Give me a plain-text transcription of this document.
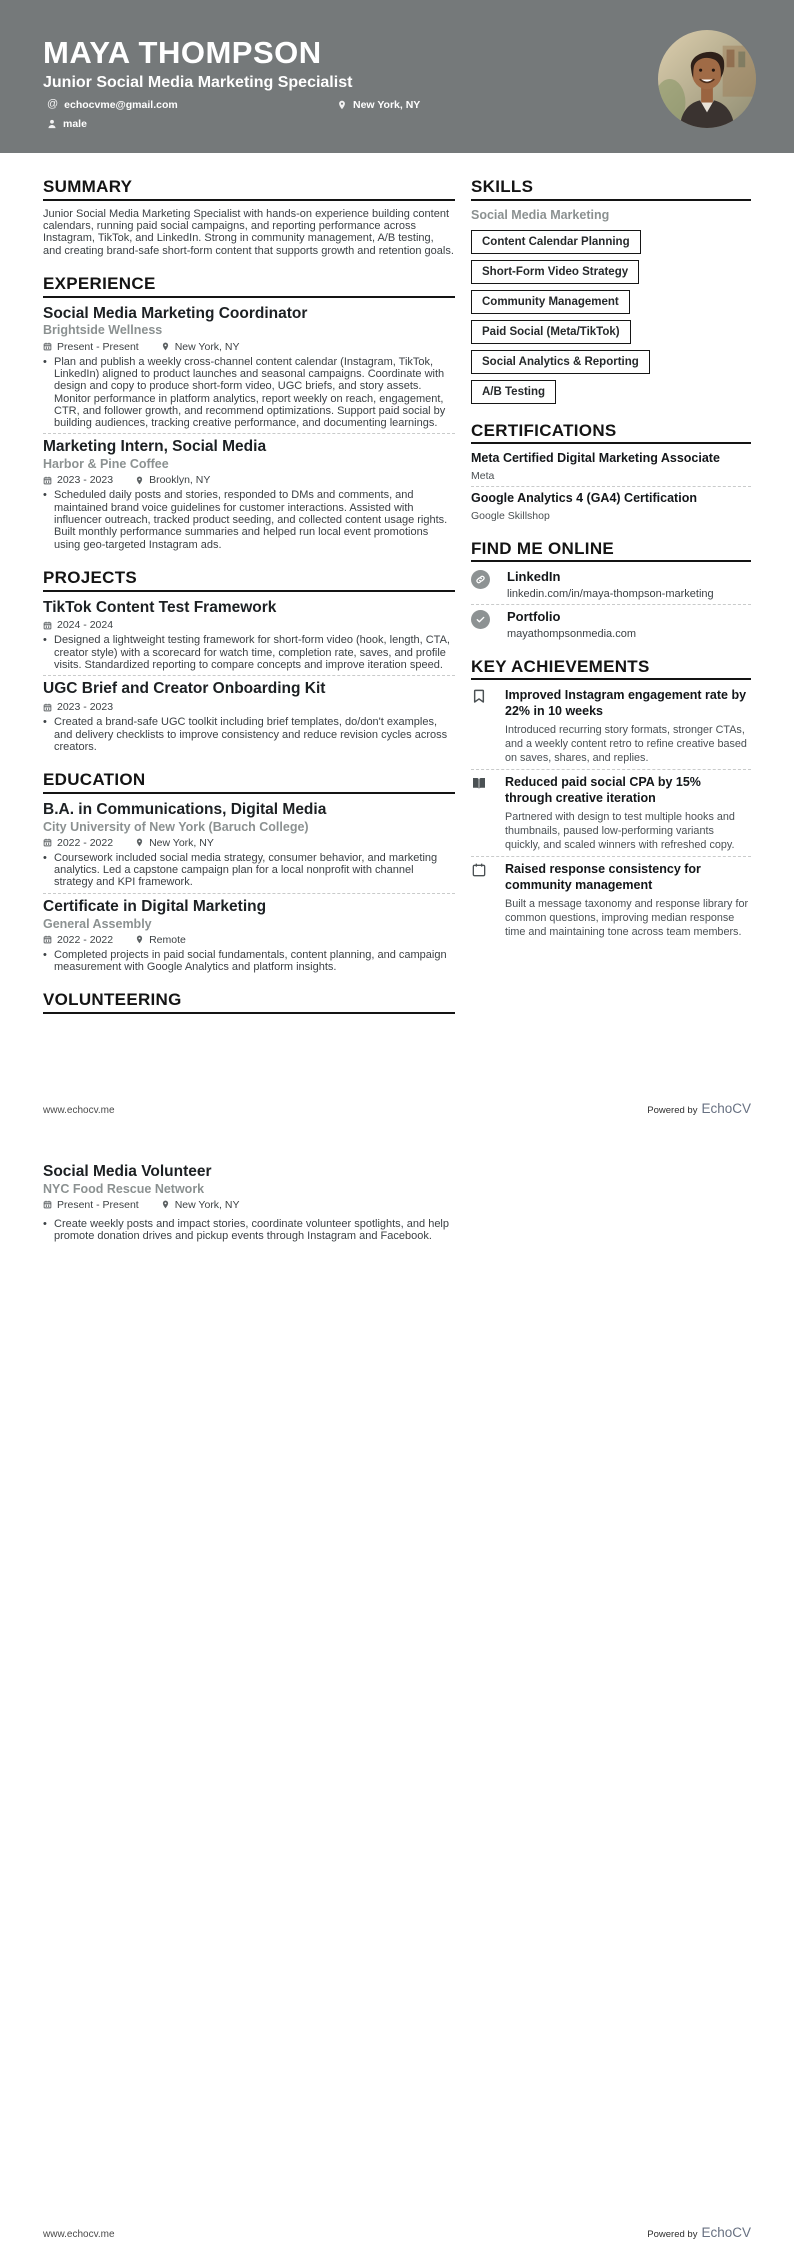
MAYA THOMPSON
Junior Social Media Marketing Specialist
@ echocvme@gmail.com	New York, NY
male
SUMMARY
Junior Social Media Marketing Specialist with hands-on experience building content calendars, running paid social campaigns, and reporting performance across Instagram, TikTok, and LinkedIn. Strong in community management, A/B testing, and creating brand-safe short-form content that supports growth and retention goals.
EXPERIENCE
Social Media Marketing Coordinator
Brightside Wellness
Present - Present	New York, NY
• Plan and publish a weekly cross-channel content calendar (Instagram, TikTok, LinkedIn) aligned to product launches and seasonal campaigns. Coordinate with design and copy to produce short-form video, UGC briefs, and story assets. Monitor performance in platform analytics, report weekly on reach, engagement, CTR, and follower growth, and recommend optimizations. Support paid social by building audiences, tracking creative performance, and documenting learnings.
Marketing Intern, Social Media
Harbor & Pine Coffee
2023 - 2023	Brooklyn, NY
• Scheduled daily posts and stories, responded to DMs and comments, and maintained brand voice guidelines for customer interactions. Assisted with influencer outreach, tracked product seeding, and collected content usage rights. Built monthly performance summaries and helped run local event promotions using geo-targeted Instagram ads.
PROJECTS
TikTok Content Test Framework
2024 - 2024
• Designed a lightweight testing framework for short-form video (hook, length, CTA, creator style) with a scorecard for watch time, completion rate, saves, and profile visits. Standardized reporting to compare concepts and improve iteration speed.
UGC Brief and Creator Onboarding Kit
2023 - 2023
• Created a brand-safe UGC toolkit including brief templates, do/don't examples, and delivery checklists to improve consistency and reduce revision cycles across creators.
EDUCATION
B.A. in Communications, Digital Media
City University of New York (Baruch College)
2022 - 2022	New York, NY
• Coursework included social media strategy, consumer behavior, and marketing analytics. Led a capstone campaign plan for a local nonprofit with channel strategy and KPI framework.
Certificate in Digital Marketing
General Assembly
2022 - 2022	Remote
• Completed projects in paid social fundamentals, content planning, and campaign measurement with Google Analytics and platform insights.
VOLUNTEERING
SKILLS
Social Media Marketing
Content Calendar Planning
Short-Form Video Strategy
Community Management
Paid Social (Meta/TikTok)
Social Analytics & Reporting
A/B Testing
CERTIFICATIONS
Meta Certified Digital Marketing Associate
Meta
Google Analytics 4 (GA4) Certification
Google Skillshop
FIND ME ONLINE
LinkedIn
linkedin.com/in/maya-thompson-marketing
Portfolio
mayathompsonmedia.com
KEY ACHIEVEMENTS
Improved Instagram engagement rate by 22% in 10 weeks
Introduced recurring story formats, stronger CTAs, and a weekly content retro to refine creative based on saves, shares, and replies.
Reduced paid social CPA by 15% through creative iteration
Partnered with design to test multiple hooks and thumbnails, paused low-performing variants quickly, and scaled winners with refreshed copy.
Raised response consistency for community management
Built a message taxonomy and response library for common questions, improving median response time and maintaining tone across team members.
www.echocv.me	Powered by EchoCV
Social Media Volunteer
NYC Food Rescue Network
Present - Present	New York, NY
• Create weekly posts and impact stories, coordinate volunteer spotlights, and help promote donation drives and pickup events through Instagram and Facebook.
www.echocv.me	Powered by EchoCV
